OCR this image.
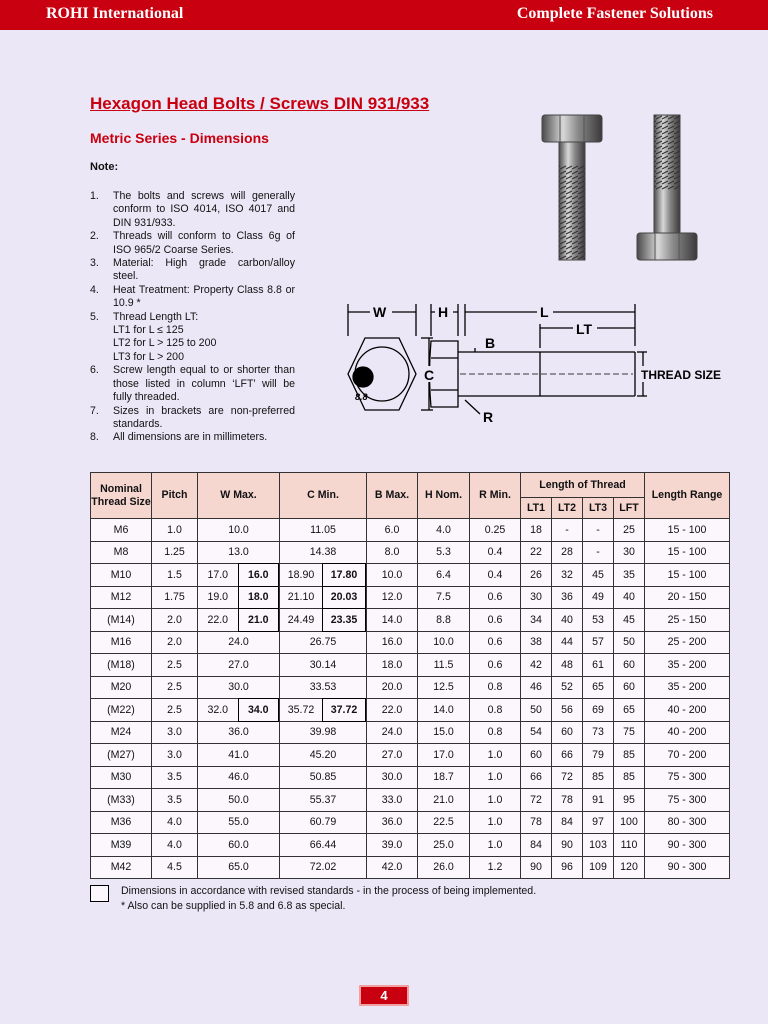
ROHI International	Complete Fastener Solutions
Hexagon Head Bolts / Screws DIN 931/933
Metric Series - Dimensions
Note:
1. The bolts and screws will generally conform to ISO 4014, ISO 4017 and DIN 931/933.
2. Threads will conform to Class 6g of ISO 965/2 Coarse Series.
3. Material: High grade carbon/alloy steel.
4. Heat Treatment: Property Class 8.8 or 10.9 *
5. Thread Length LT:
LT1 for L ≤ 125
LT2 for L > 125 to 200
LT3 for L > 200
6. Screw length equal to or shorter than those listed in column ‘LFT’ will be fully threaded.
7. Sizes in brackets are non-preferred standards.
8. All dimensions are in millimeters.
W	H	L
LT
B
C
R
THREAD SIZE
8.8
Nominal Thread Size	Pitch	W Max.	C Min.	B Max.	H Nom.	R Min.	Length of Thread				Length Range
							LT1	LT2	LT3	LFT	
M6	1.0	10.0	11.05	6.0	4.0	0.25	18	-	-	25	15 - 100
M8	1.25	13.0	14.38	8.0	5.3	0.4	22	28	-	30	15 - 100
M10	1.5	17.0 16.0	18.90 17.80	10.0	6.4	0.4	26	32	45	35	15 - 100
M12	1.75	19.0 18.0	21.10 20.03	12.0	7.5	0.6	30	36	49	40	20 - 150
(M14)	2.0	22.0 21.0	24.49 23.35	14.0	8.8	0.6	34	40	53	45	25 - 150
M16	2.0	24.0	26.75	16.0	10.0	0.6	38	44	57	50	25 - 200
(M18)	2.5	27.0	30.14	18.0	11.5	0.6	42	48	61	60	35 - 200
M20	2.5	30.0	33.53	20.0	12.5	0.8	46	52	65	60	35 - 200
(M22)	2.5	32.0 34.0	35.72 37.72	22.0	14.0	0.8	50	56	69	65	40 - 200
M24	3.0	36.0	39.98	24.0	15.0	0.8	54	60	73	75	40 - 200
(M27)	3.0	41.0	45.20	27.0	17.0	1.0	60	66	79	85	70 - 200
M30	3.5	46.0	50.85	30.0	18.7	1.0	66	72	85	85	75 - 300
(M33)	3.5	50.0	55.37	33.0	21.0	1.0	72	78	91	95	75 - 300
M36	4.0	55.0	60.79	36.0	22.5	1.0	78	84	97	100	80 - 300
M39	4.0	60.0	66.44	39.0	25.0	1.0	84	90	103	110	90 - 300
M42	4.5	65.0	72.02	42.0	26.0	1.2	90	96	109	120	90 - 300
Dimensions in accordance with revised standards - in the process of being implemented.
* Also can be supplied in 5.8 and 6.8 as special.
4
